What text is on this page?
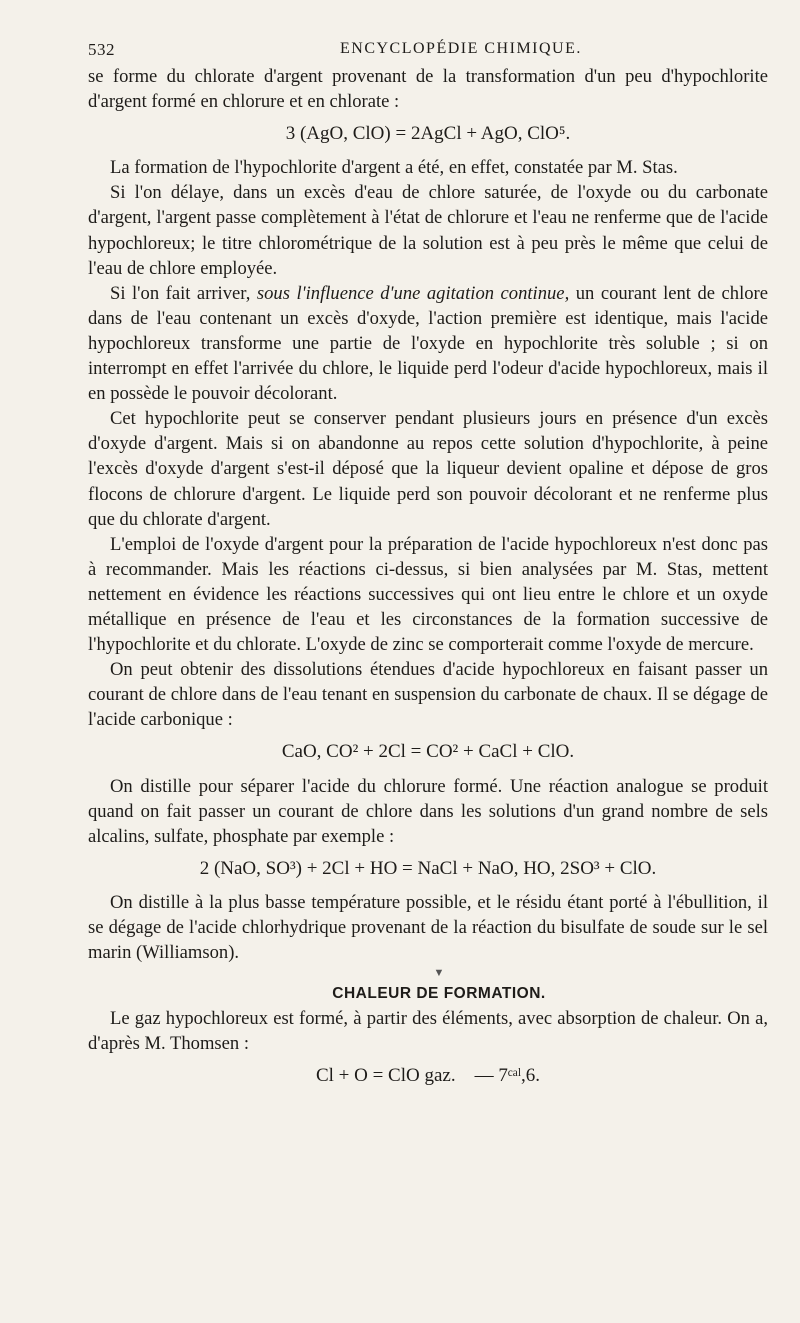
532	ENCYCLOPÉDIE CHIMIQUE.

se forme du chlorate d'argent provenant de la transformation d'un peu d'hypochlorite d'argent formé en chlorure et en chlorate :

3 (AgO, ClO) = 2AgCl + AgO, ClO⁵.

La formation de l'hypochlorite d'argent a été, en effet, constatée par M. Stas.

Si l'on délaye, dans un excès d'eau de chlore saturée, de l'oxyde ou du carbonate d'argent, l'argent passe complètement à l'état de chlorure et l'eau ne renferme que de l'acide hypochloreux; le titre chlorométrique de la solution est à peu près le même que celui de l'eau de chlore employée.

Si l'on fait arriver, sous l'influence d'une agitation continue, un courant lent de chlore dans de l'eau contenant un excès d'oxyde, l'action première est identique, mais l'acide hypochloreux transforme une partie de l'oxyde en hypochlorite très soluble ; si on interrompt en effet l'arrivée du chlore, le liquide perd l'odeur d'acide hypochloreux, mais il en possède le pouvoir décolorant.

Cet hypochlorite peut se conserver pendant plusieurs jours en présence d'un excès d'oxyde d'argent. Mais si on abandonne au repos cette solution d'hypochlorite, à peine l'excès d'oxyde d'argent s'est-il déposé que la liqueur devient opaline et dépose de gros flocons de chlorure d'argent. Le liquide perd son pouvoir décolorant et ne renferme plus que du chlorate d'argent.

L'emploi de l'oxyde d'argent pour la préparation de l'acide hypochloreux n'est donc pas à recommander. Mais les réactions ci-dessus, si bien analysées par M. Stas, mettent nettement en évidence les réactions successives qui ont lieu entre le chlore et un oxyde métallique en présence de l'eau et les circonstances de la formation successive de l'hypochlorite et du chlorate. L'oxyde de zinc se comporterait comme l'oxyde de mercure.

On peut obtenir des dissolutions étendues d'acide hypochloreux en faisant passer un courant de chlore dans de l'eau tenant en suspension du carbonate de chaux. Il se dégage de l'acide carbonique :

CaO, CO² + 2Cl = CO² + CaCl + ClO.

On distille pour séparer l'acide du chlorure formé. Une réaction analogue se produit quand on fait passer un courant de chlore dans les solutions d'un grand nombre de sels alcalins, sulfate, phosphate par exemple :

2 (NaO, SO³) + 2Cl + HO = NaCl + NaO, HO, 2SO³ + ClO.

On distille à la plus basse température possible, et le résidu étant porté à l'ébullition, il se dégage de l'acide chlorhydrique provenant de la réaction du bisulfate de soude sur le sel marin (Williamson).

▼

CHALEUR DE FORMATION.

Le gaz hypochloreux est formé, à partir des éléments, avec absorption de chaleur. On a, d'après M. Thomsen :

Cl + O = ClO gaz.    — 7ᶜᵃˡ,6.
